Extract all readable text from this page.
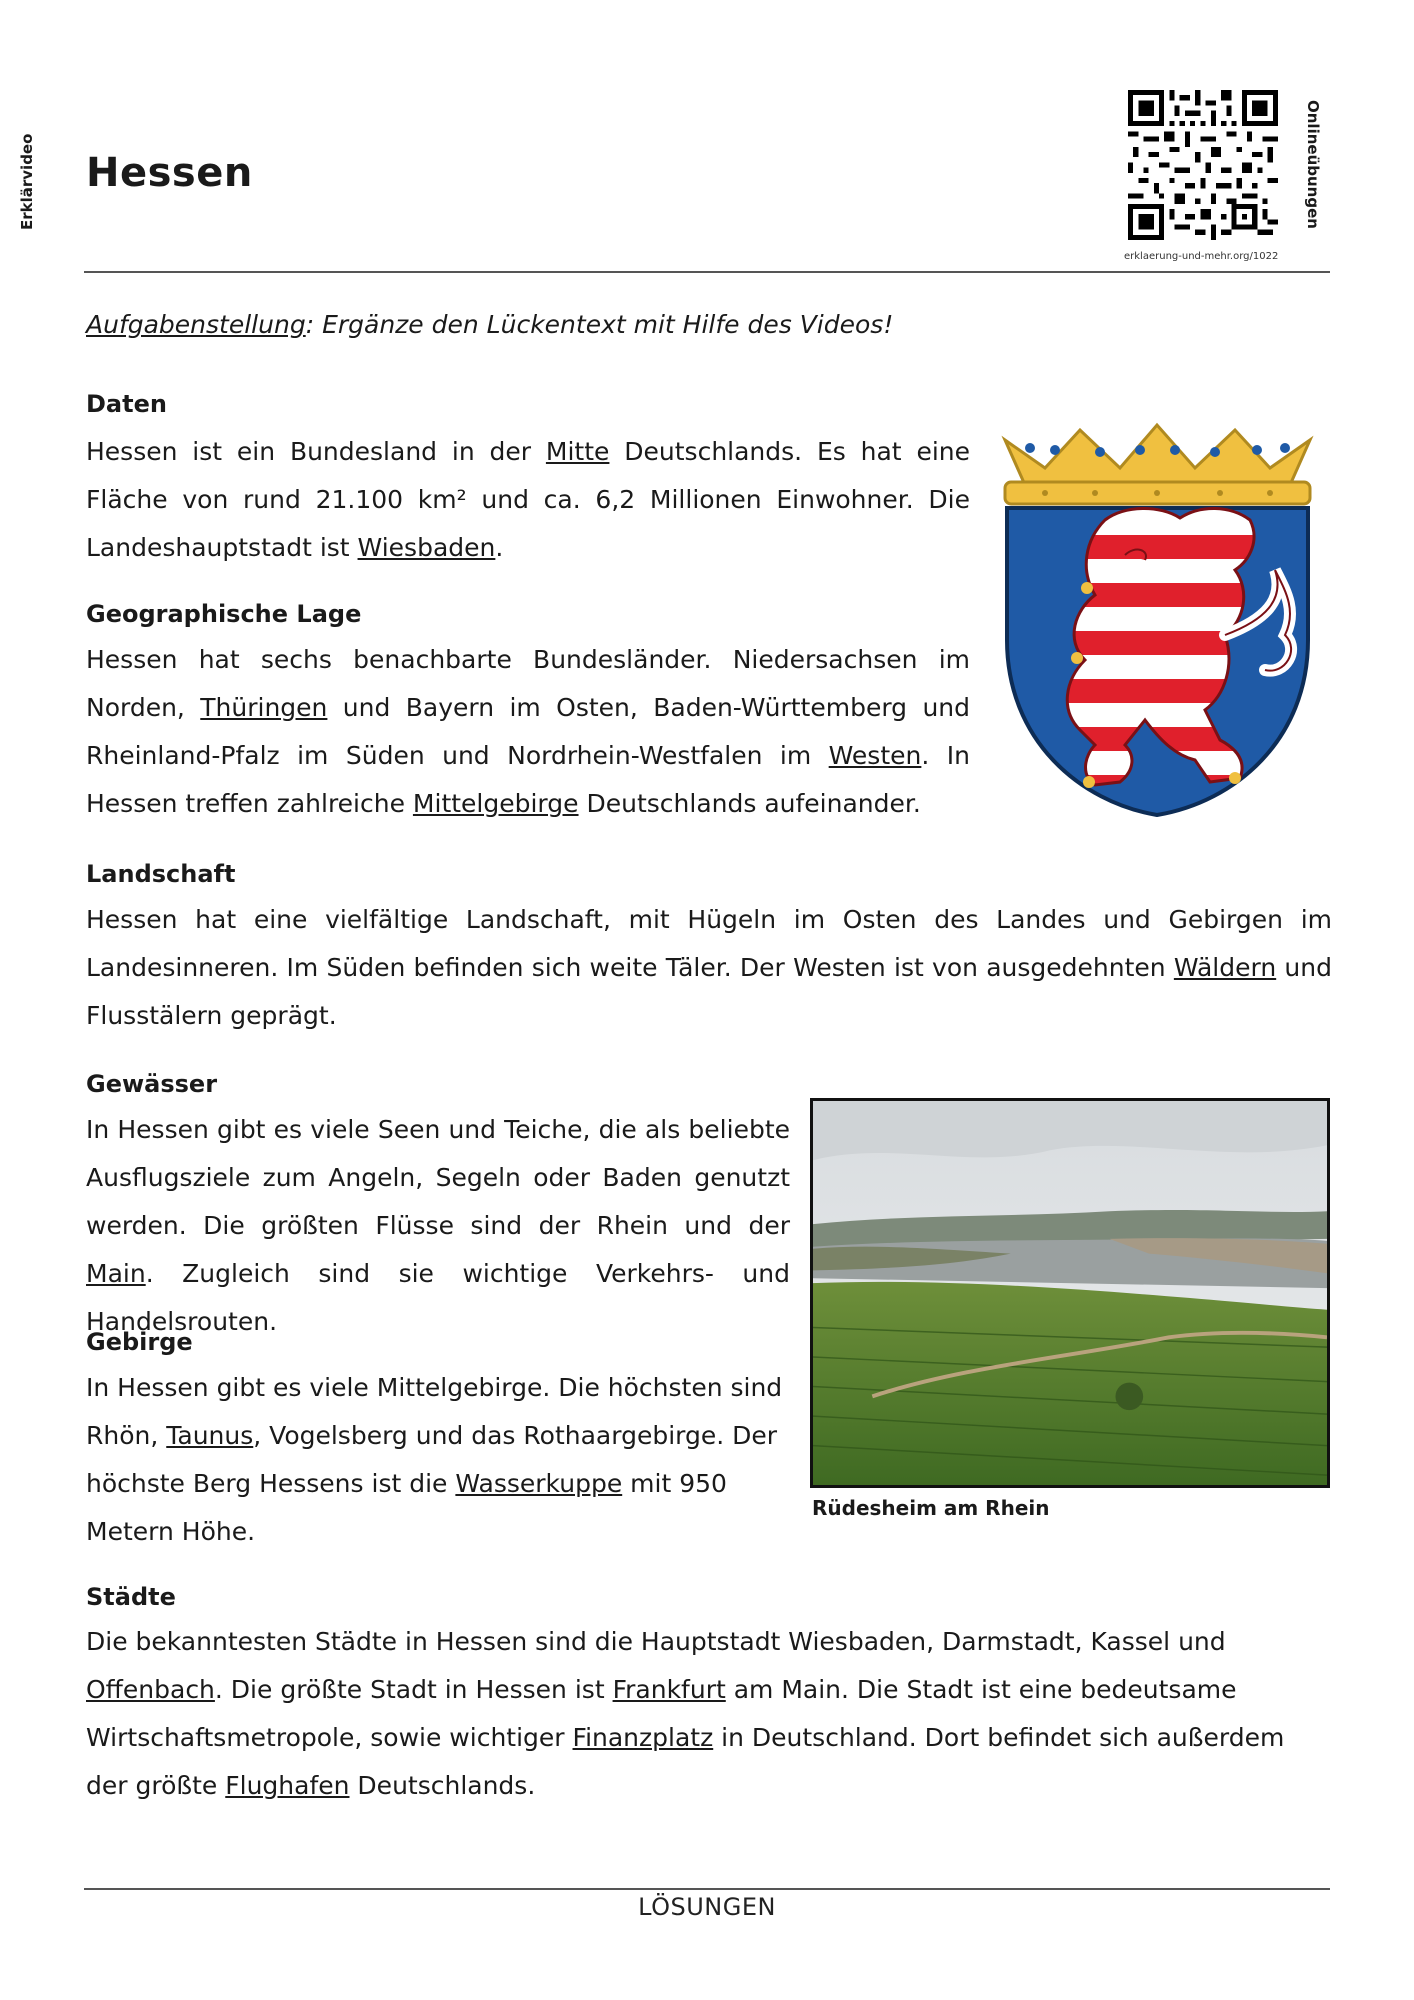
Hessen
Erklärvideo	Onlineübungen
erklaerung-und-mehr.org/1022
Aufgabenstellung: Ergänze den Lückentext mit Hilfe des Videos!
Daten
Hessen ist ein Bundesland in der Mitte Deutschlands. Es hat eine Fläche von rund 21.100 km² und ca. 6,2 Millionen Einwohner. Die Landeshauptstadt ist Wiesbaden.
Geographische Lage
Hessen hat sechs benachbarte Bundesländer. Niedersachsen im Norden, Thüringen und Bayern im Osten, Baden-Württemberg und Rheinland-Pfalz im Süden und Nordrhein-Westfalen im Westen. In Hessen treffen zahlreiche Mittelgebirge Deutschlands aufeinander.
Landschaft
Hessen hat eine vielfältige Landschaft, mit Hügeln im Osten des Landes und Gebirgen im Landesinneren. Im Süden befinden sich weite Täler. Der Westen ist von ausgedehnten Wäldern und Flusstälern geprägt.
Gewässer
In Hessen gibt es viele Seen und Teiche, die als beliebte Ausflugsziele zum Angeln, Segeln oder Baden genutzt werden. Die größten Flüsse sind der Rhein und der Main. Zugleich sind sie wichtige Verkehrs- und Handelsrouten.
Rüdesheim am Rhein
Gebirge
In Hessen gibt es viele Mittelgebirge. Die höchsten sind Rhön, Taunus, Vogelsberg und das Rothaargebirge. Der höchste Berg Hessens ist die Wasserkuppe mit 950 Metern Höhe.
Städte
Die bekanntesten Städte in Hessen sind die Hauptstadt Wiesbaden, Darmstadt, Kassel und Offenbach. Die größte Stadt in Hessen ist Frankfurt am Main. Die Stadt ist eine bedeutsame Wirtschaftsmetropole, sowie wichtiger Finanzplatz in Deutschland. Dort befindet sich außerdem der größte Flughafen Deutschlands.
LÖSUNGEN
